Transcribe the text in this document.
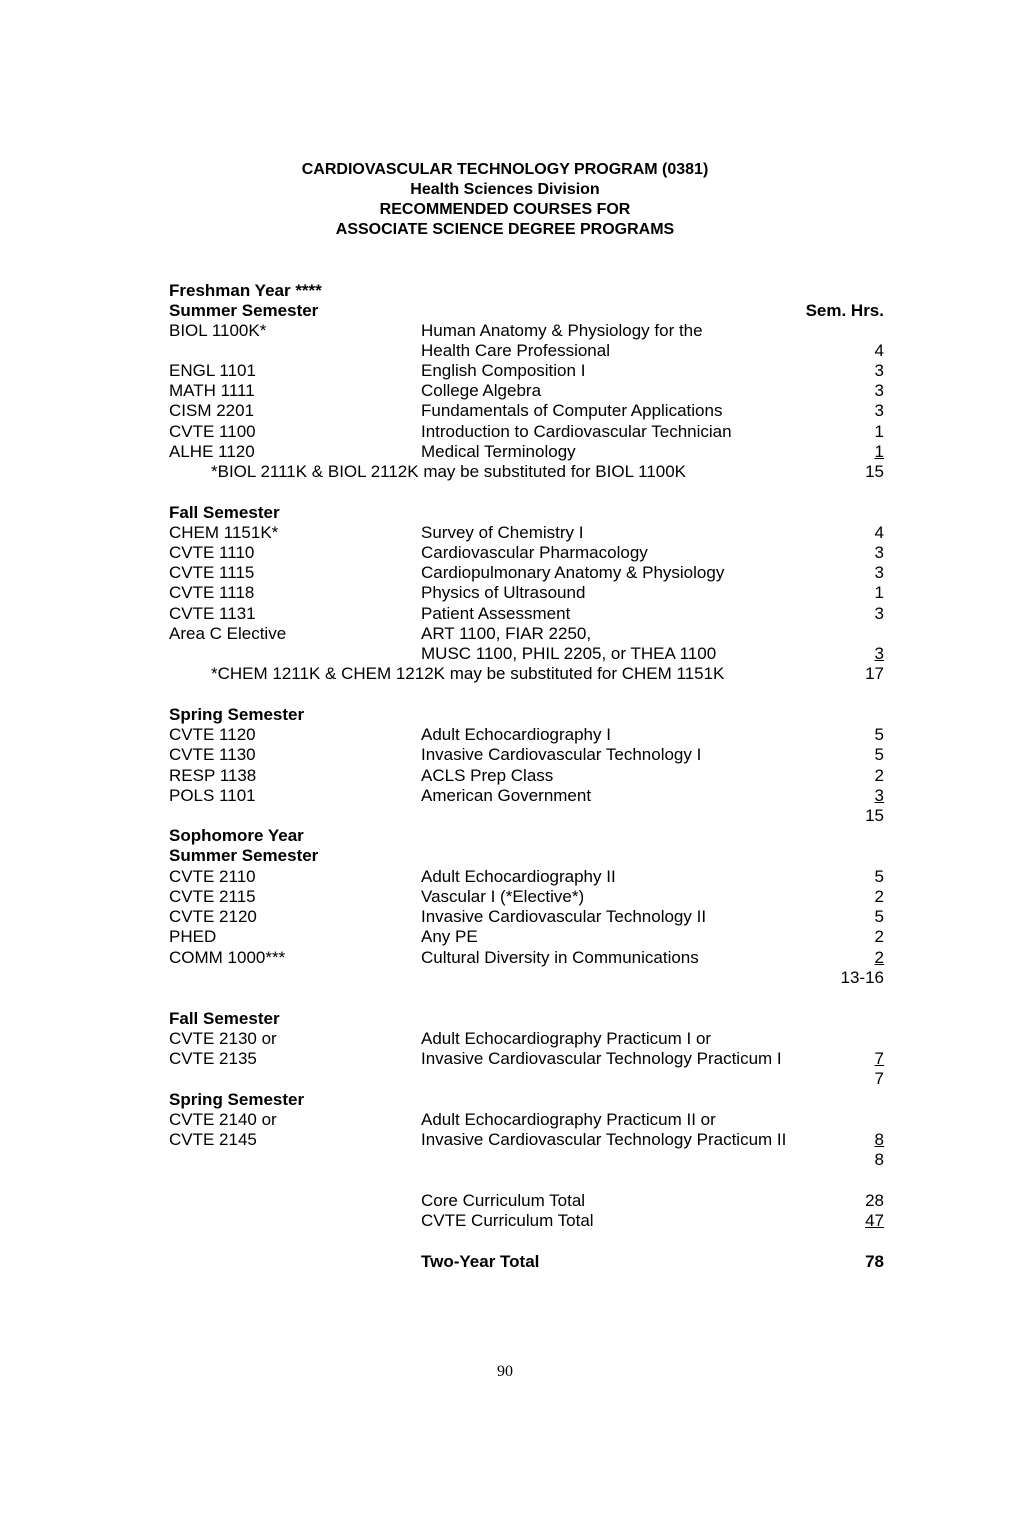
CARDIOVASCULAR TECHNOLOGY PROGRAM (0381)
Health Sciences Division
RECOMMENDED COURSES FOR
ASSOCIATE SCIENCE DEGREE PROGRAMS
Freshman Year ****
Summer Semester	Sem. Hrs.
BIOL 1100K*	Human Anatomy & Physiology for the
Health Care Professional	4
ENGL 1101	English Composition I	3
MATH 1111	College Algebra	3
CISM 2201	Fundamentals of Computer Applications	3
CVTE 1100	Introduction to Cardiovascular Technician	1
ALHE 1120	Medical Terminology	1
15
*BIOL 2111K & BIOL 2112K may be substituted for BIOL 1100K
Fall Semester
CHEM 1151K*	Survey of Chemistry I	4
CVTE 1110	Cardiovascular Pharmacology	3
CVTE 1115	Cardiopulmonary Anatomy & Physiology	3
CVTE 1118	Physics of Ultrasound	1
CVTE 1131	Patient Assessment	3
Area C Elective	ART 1100, FIAR 2250,
MUSC 1100, PHIL 2205, or THEA 1100	3
17
*CHEM 1211K & CHEM 1212K may be substituted for CHEM 1151K
Spring Semester
CVTE 1120	Adult Echocardiography I	5
CVTE 1130	Invasive Cardiovascular Technology I	5
RESP 1138	ACLS Prep Class	2
POLS 1101	American Government	3
15
Sophomore Year
Summer Semester
CVTE 2110	Adult Echocardiography II	5
CVTE 2115	Vascular I (*Elective*)	2
CVTE 2120	Invasive Cardiovascular Technology II	5
PHED	Any PE	2
COMM 1000***	Cultural Diversity in Communications	2
13-16
Fall Semester
CVTE 2130 or	Adult Echocardiography Practicum I or
CVTE 2135	Invasive Cardiovascular Technology Practicum I	7
7
Spring Semester
CVTE 2140 or	Adult Echocardiography Practicum II or
CVTE 2145	Invasive Cardiovascular Technology Practicum II	8
8
Core Curriculum Total	28
CVTE Curriculum Total	47
Two-Year Total	78
90
